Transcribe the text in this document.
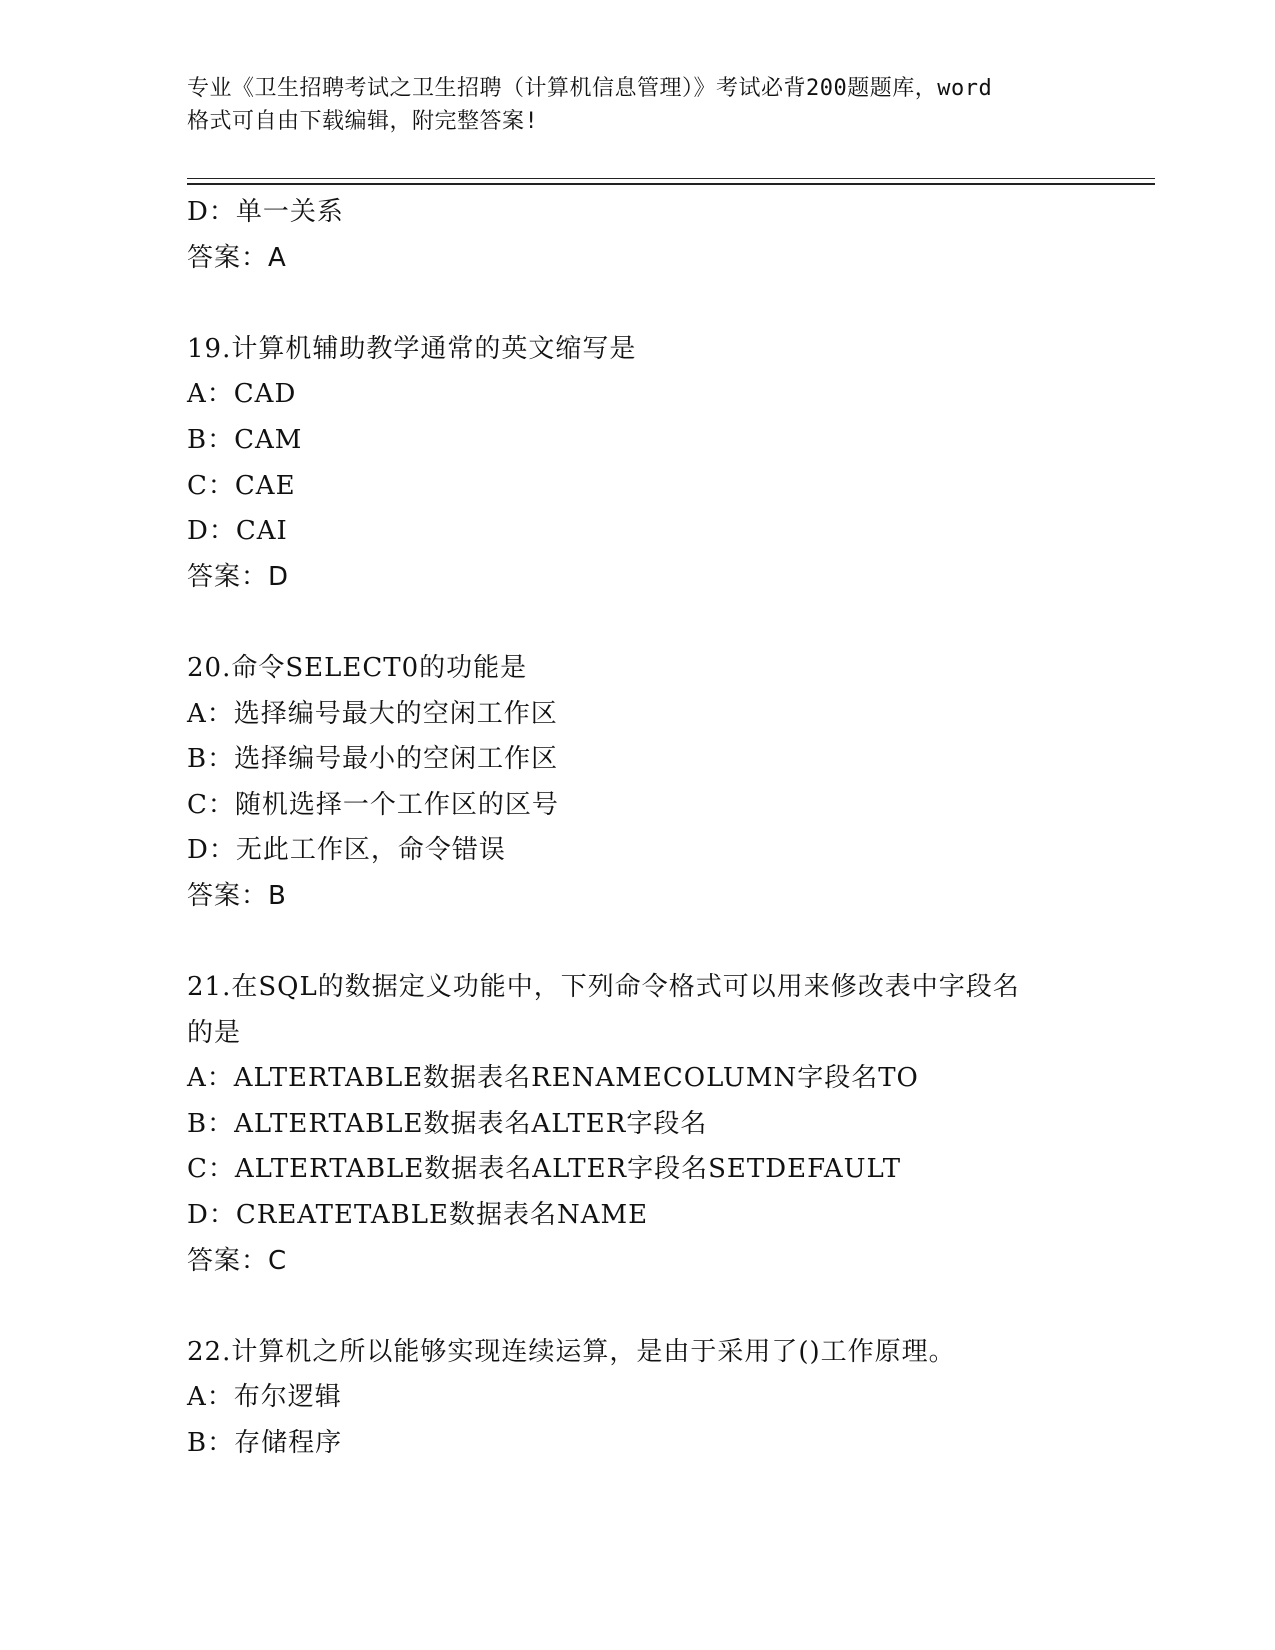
专业《卫生招聘考试之卫生招聘（计算机信息管理）》考试必背200题题库，word
格式可自由下载编辑，附完整答案!
D：单一关系
答案：A
19.计算机辅助教学通常的英文缩写是
A：CAD
B：CAM
C：CAE
D：CAI
答案：D
20.命令SELECT0的功能是
A：选择编号最大的空闲工作区
B：选择编号最小的空闲工作区
C：随机选择一个工作区的区号
D：无此工作区，命令错误
答案：B
21.在SQL的数据定义功能中，下列命令格式可以用来修改表中字段名
的是
A：ALTERTABLE数据表名RENAMECOLUMN字段名TO
B：ALTERTABLE数据表名ALTER字段名
C：ALTERTABLE数据表名ALTER字段名SETDEFAULT
D：CREATETABLE数据表名NAME
答案：C
22.计算机之所以能够实现连续运算，是由于采用了()工作原理。
A：布尔逻辑
B：存储程序
